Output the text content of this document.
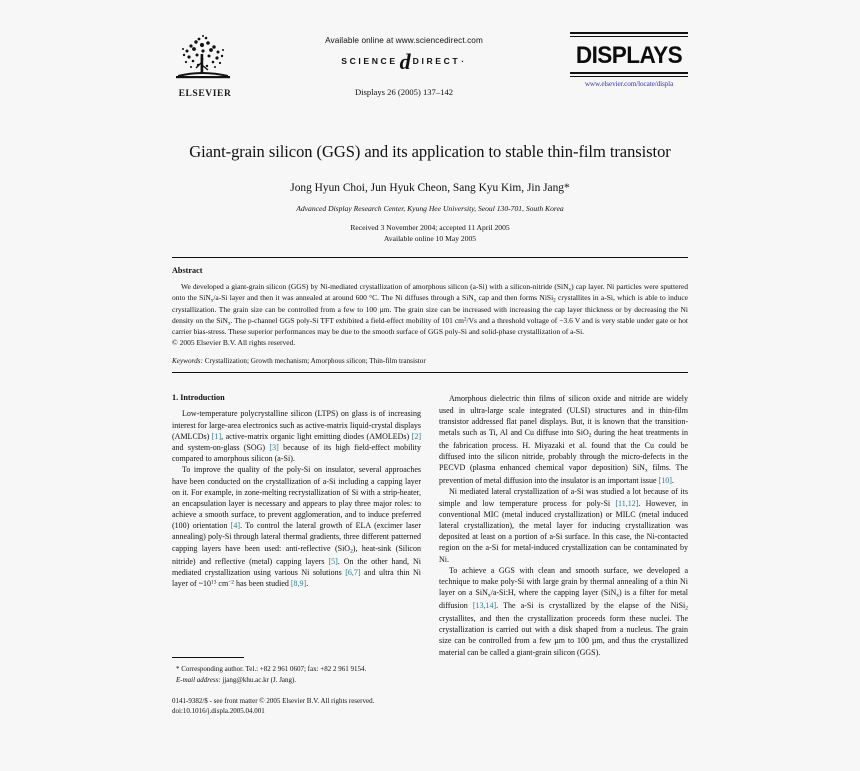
ELSEVIER
Available online at www.sciencedirect.com
SCIENCE d DIRECT ·
Displays 26 (2005) 137–142
DISPLAYS
www.elsevier.com/locate/displa
Giant-grain silicon (GGS) and its application to stable thin-film transistor
Jong Hyun Choi, Jun Hyuk Cheon, Sang Kyu Kim, Jin Jang*
Advanced Display Research Center, Kyung Hee University, Seoul 130-701, South Korea
Received 3 November 2004; accepted 11 April 2005
Available online 10 May 2005
Abstract
We developed a giant-grain silicon (GGS) by Ni-mediated crystallization of amorphous silicon (a-Si) with a silicon-nitride (SiN$_x$) cap layer. Ni particles were sputtered onto the SiN$_x$/a-Si layer and then it was annealed at around 600 °C. The Ni diffuses through a SiN$_x$ cap and then forms NiSi$_2$ crystallites in a-Si, which is able to induce crystallization. The grain size can be controlled from a few to 100 µm. The grain size can be increased with increasing the cap layer thickness or by decreasing the Ni density on the SiN$_x$. The p-channel GGS poly-Si TFT exhibited a field-effect mobility of 101 $cm^2/Vs$ and a threshold voltage of −3.6 V and is very stable under gate or hot carrier bias-stress. These superior performances may be due to the smooth surface of GGS poly-Si and solid-phase crystallization of a-Si.
© 2005 Elsevier B.V. All rights reserved.
Keywords: Crystallization; Growth mechanism; Amorphous silicon; Thin-film transistor
1. Introduction

Low-temperature polycrystalline silicon (LTPS) on glass is of increasing interest for large-area electronics such as active-matrix liquid-crystal displays (AMLCDs) [1], active-matrix organic light emitting diodes (AMOLEDs) [2] and system-on-glass (SOG) [3] because of its high field-effect mobility compared to amorphous silicon (a-Si).

To improve the quality of the poly-Si on insulator, several approaches have been conducted on the crystallization of a-Si including a capping layer on it. For example, in zone-melting recrystallization of Si with a strip-heater, an encapsulation layer is necessary and appears to play three major roles: to achieve a smooth surface, to prevent agglomeration, and to induce preferred (100) orientation [4]. To control the lateral growth of ELA (excimer laser annealing) poly-Si through lateral thermal gradients, three different patterned capping layers have been used: anti-reflective (SiO$_2$), heat-sink (Silicon nitride) and reflective (metal) capping layers [5]. On the other hand, Ni mediated crystallization using various Ni solutions [6,7] and ultra thin Ni layer of $\sim 10^{13}$ $cm^{-2}$ has been studied [8,9].

* Corresponding author. Tel.: +82 2 961 0607; fax: +82 2 961 9154.

E-mail address: jjang@khu.ac.kr (J. Jang).

0141-9382/$ - see front matter © 2005 Elsevier B.V. All rights reserved.
doi:10.1016/j.displa.2005.04.001

Amorphous dielectric thin films of silicon oxide and nitride are widely used in ultra-large scale integrated (ULSI) structures and in thin-film transistor addressed flat panel displays. But, it is known that the transition-metals such as Ti, Al and Cu diffuse into SiO$_2$ during the heat treatments in the fabrication process. H. Miyazaki et al. found that the Cu could be diffused into the silicon nitride, probably through the micro-defects in the PECVD (plasma enhanced chemical vapor deposition) SiN$_x$ films. The prevention of metal diffusion into the insulator is an important issue [10].

Ni mediated lateral crystallization of a-Si was studied a lot because of its simple and low temperature process for poly-Si [11,12]. However, in conventional MIC (metal induced crystallization) or MILC (metal induced lateral crystallization), the metal layer for inducing crystallization was deposited at least on a portion of a-Si surface. In this case, the Ni-contacted region on the a-Si for metal-induced crystallization can be contaminated by Ni.

To achieve a GGS with clean and smooth surface, we developed a technique to make poly-Si with large grain by thermal annealing of a thin Ni layer on a SiN$_x$/a-Si:H, where the capping layer (SiN$_x$) is a filter for metal diffusion [13,14]. The a-Si is crystallized by the elapse of the NiSi$_2$ crystallites, and then the crystallization proceeds form these nuclei. The crystallization is carried out with a disk shaped from a nucleus. The grain size can be controlled from a few µm to 100 µm, and thus the crystallized material can be called a giant-grain silicon (GGS).
